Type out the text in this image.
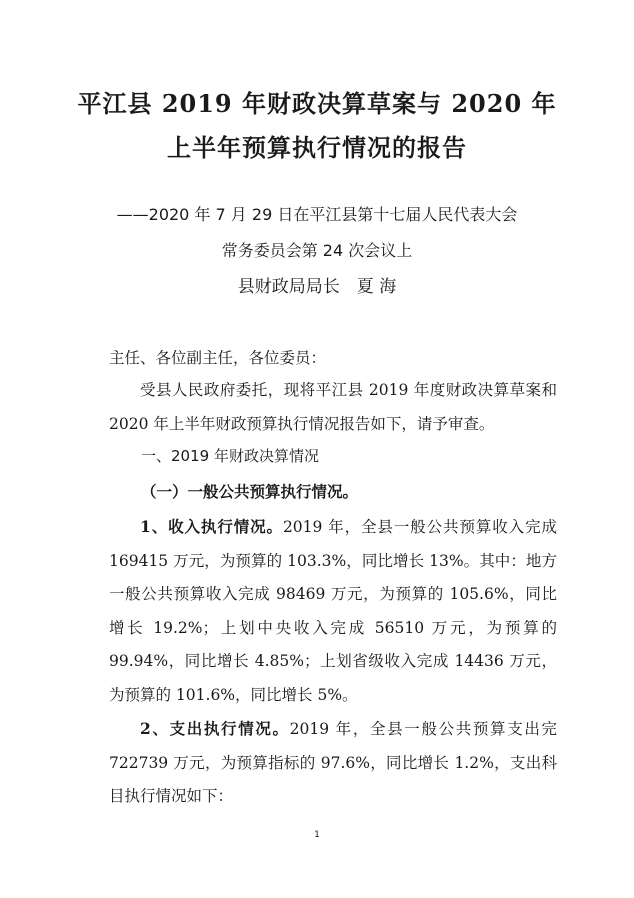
平江县 2019 年财政决算草案与 2020 年
上半年预算执行情况的报告
——2020 年 7 月 29 日在平江县第十七届人民代表大会
常务委员会第 24 次会议上
县财政局局长　夏 海
主任、各位副主任，各位委员：
受县人民政府委托，现将平江县 2019 年度财政决算草案和 2020 年上半年财政预算执行情况报告如下，请予审查。
一、2019 年财政决算情况
（一）一般公共预算执行情况。
1、收入执行情况。2019 年，全县一般公共预算收入完成 169415 万元，为预算的 103.3%，同比增长 13%。其中：地方一般公共预算收入完成 98469 万元，为预算的 105.6%，同比增长 19.2%；上划中央收入完成 56510 万元，为预算的 99.94%，同比增长 4.85%；上划省级收入完成 14436 万元，为预算的 101.6%，同比增长 5%。
2、支出执行情况。2019 年，全县一般公共预算支出完 722739 万元，为预算指标的 97.6%，同比增长 1.2%，支出科目执行情况如下：
1
